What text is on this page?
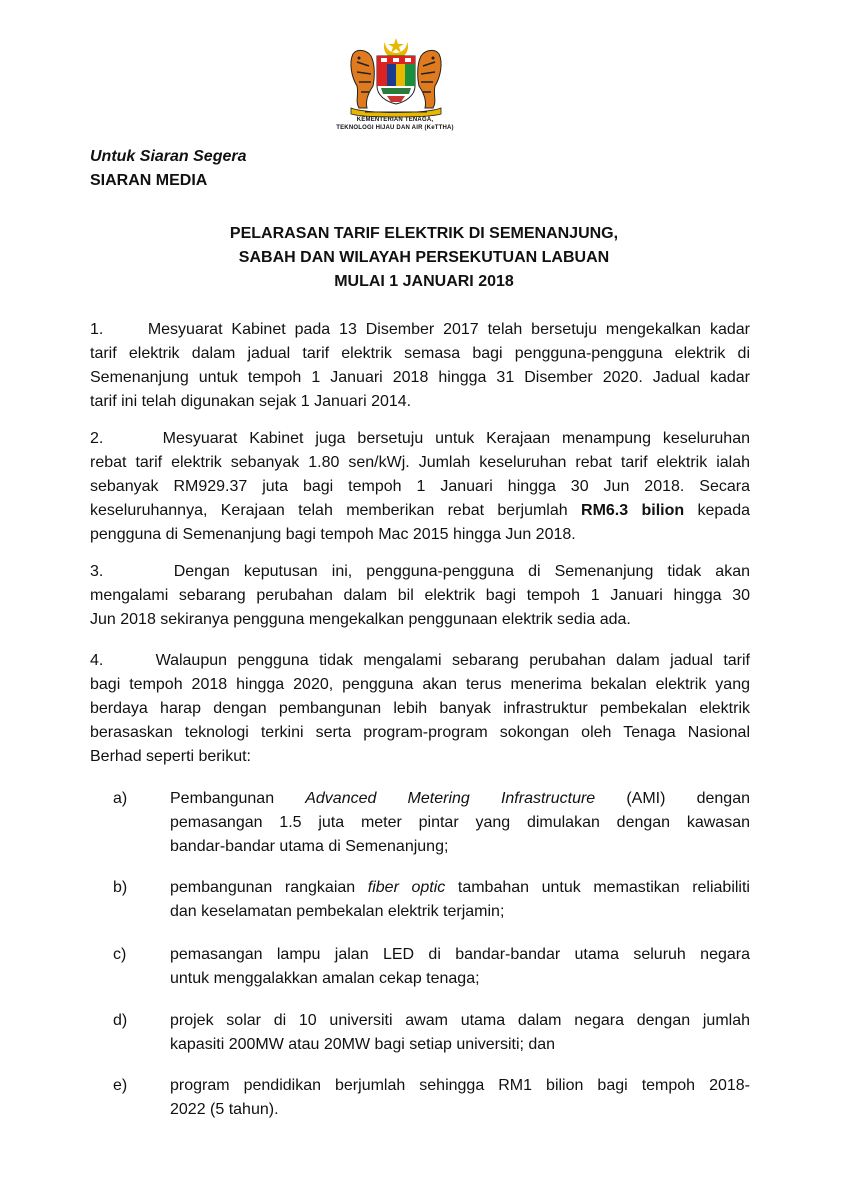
KEMENTERIAN TENAGA,
TEKNOLOGI HIJAU DAN AIR (KeTTHA)
Untuk Siaran Segera
SIARAN MEDIA
PELARASAN TARIF ELEKTRIK DI SEMENANJUNG,
SABAH DAN WILAYAH PERSEKUTUAN LABUAN
MULAI 1 JANUARI 2018
1.     Mesyuarat Kabinet pada 13 Disember 2017 telah bersetuju mengekalkan kadar
tarif elektrik dalam jadual tarif elektrik semasa bagi pengguna-pengguna elektrik di
Semenanjung untuk tempoh 1 Januari 2018 hingga 31 Disember 2020. Jadual kadar
tarif ini telah digunakan sejak 1 Januari 2014.
2.     Mesyuarat Kabinet juga bersetuju untuk Kerajaan menampung keseluruhan
rebat tarif elektrik sebanyak 1.80 sen/kWj. Jumlah keseluruhan rebat tarif elektrik ialah
sebanyak RM929.37 juta bagi tempoh 1 Januari hingga 30 Jun 2018. Secara
keseluruhannya, Kerajaan telah memberikan rebat berjumlah RM6.3 bilion kepada
pengguna di Semenanjung bagi tempoh Mac 2015 hingga Jun 2018.
3.     Dengan keputusan ini, pengguna-pengguna di Semenanjung tidak akan
mengalami sebarang perubahan dalam bil elektrik bagi tempoh 1 Januari hingga 30
Jun 2018 sekiranya pengguna mengekalkan penggunaan elektrik sedia ada.
4.     Walaupun pengguna tidak mengalami sebarang perubahan dalam jadual tarif
bagi tempoh 2018 hingga 2020, pengguna akan terus menerima bekalan elektrik yang
berdaya harap dengan pembangunan lebih banyak infrastruktur pembekalan elektrik
berasaskan teknologi terkini serta program-program sokongan oleh Tenaga Nasional
Berhad seperti berikut:
a)	Pembangunan Advanced Metering Infrastructure (AMI) dengan
pemasangan 1.5 juta meter pintar yang dimulakan dengan kawasan
bandar-bandar utama di Semenanjung;
b)	pembangunan rangkaian fiber optic tambahan untuk memastikan reliabiliti
dan keselamatan pembekalan elektrik terjamin;
c)	pemasangan lampu jalan LED di bandar-bandar utama seluruh negara
untuk menggalakkan amalan cekap tenaga;
d)	projek solar di 10 universiti awam utama dalam negara dengan jumlah
kapasiti 200MW atau 20MW bagi setiap universiti; dan
e)	program pendidikan berjumlah sehingga RM1 bilion bagi tempoh 2018-
2022 (5 tahun).
